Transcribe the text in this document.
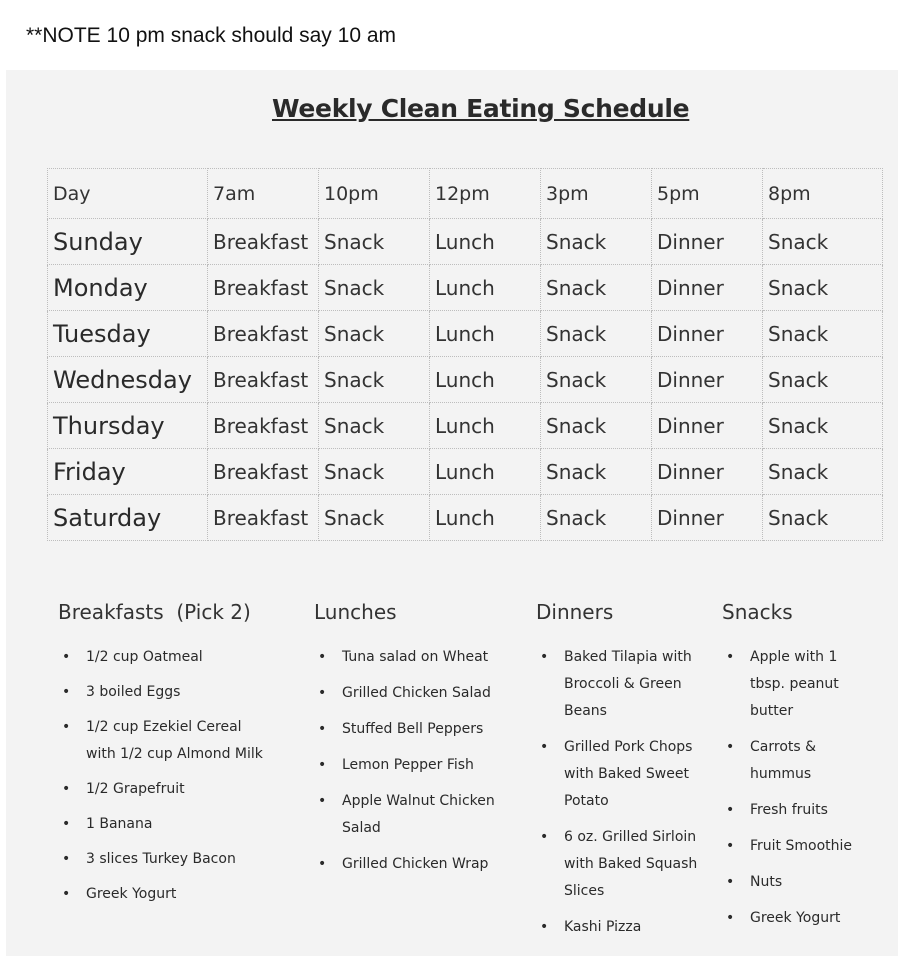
**NOTE 10 pm snack should say 10 am
Weekly Clean Eating Schedule
Day	7am	10pm	12pm	3pm	5pm	8pm
Sunday	Breakfast	Snack	Lunch	Snack	Dinner	Snack
Monday	Breakfast	Snack	Lunch	Snack	Dinner	Snack
Tuesday	Breakfast	Snack	Lunch	Snack	Dinner	Snack
Wednesday	Breakfast	Snack	Lunch	Snack	Dinner	Snack
Thursday	Breakfast	Snack	Lunch	Snack	Dinner	Snack
Friday	Breakfast	Snack	Lunch	Snack	Dinner	Snack
Saturday	Breakfast	Snack	Lunch	Snack	Dinner	Snack
Breakfasts  (Pick 2)
• 1/2 cup Oatmeal
• 3 boiled Eggs
• 1/2 cup Ezekiel Cereal with 1/2 cup Almond Milk
• 1/2 Grapefruit
• 1 Banana
• 3 slices Turkey Bacon
• Greek Yogurt
Lunches
• Tuna salad on Wheat
• Grilled Chicken Salad
• Stuffed Bell Peppers
• Lemon Pepper Fish
• Apple Walnut Chicken Salad
• Grilled Chicken Wrap
Dinners
• Baked Tilapia with Broccoli & Green Beans
• Grilled Pork Chops with Baked Sweet Potato
• 6 oz. Grilled Sirloin with Baked Squash Slices
• Kashi Pizza
Snacks
• Apple with 1 tbsp. peanut butter
• Carrots & hummus
• Fresh fruits
• Fruit Smoothie
• Nuts
• Greek Yogurt
